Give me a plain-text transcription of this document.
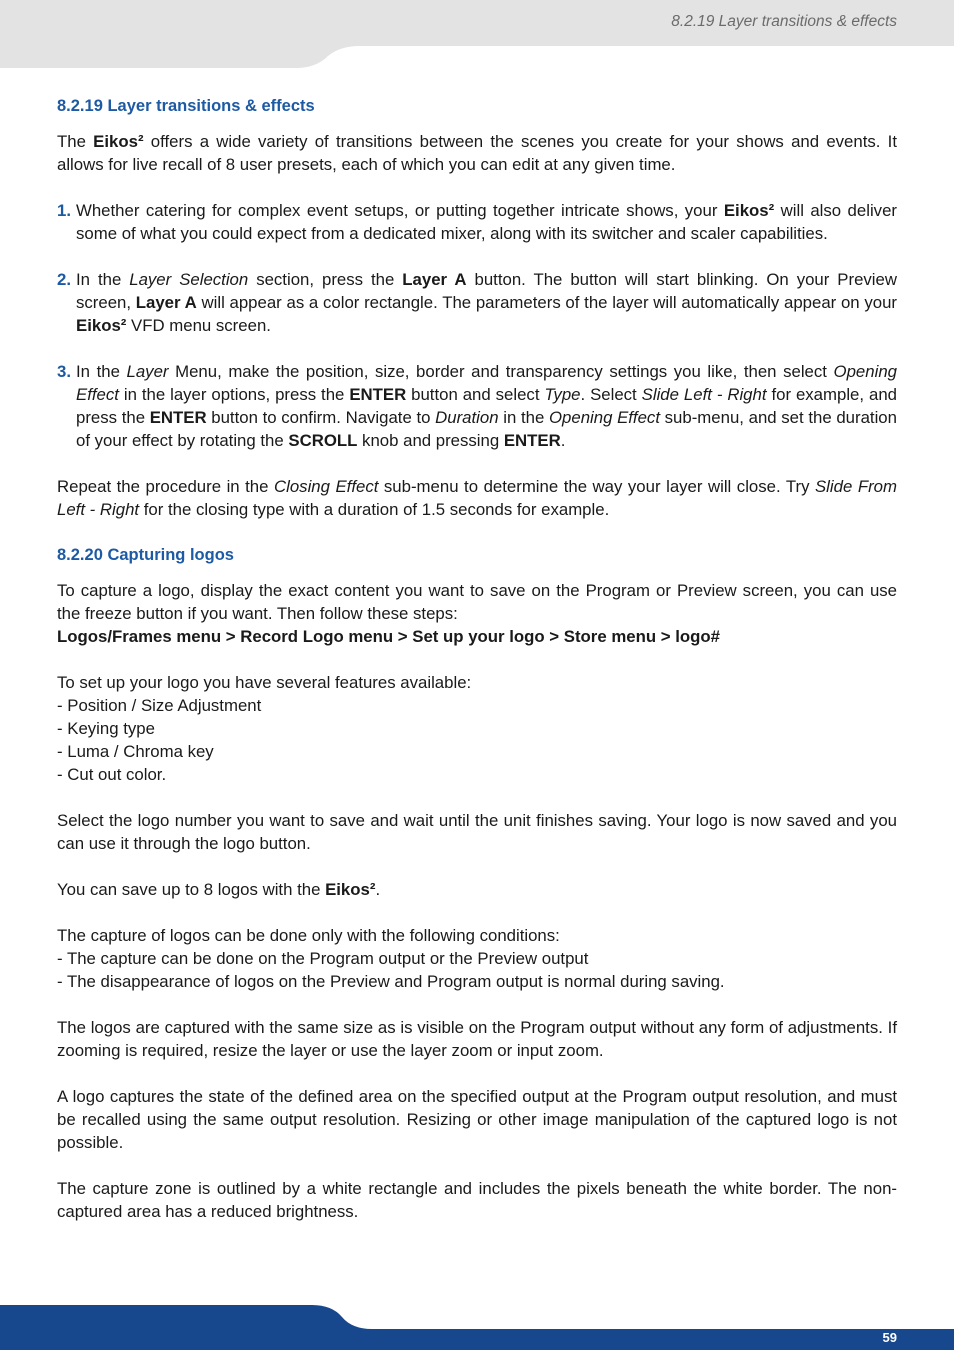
8.2.19 Layer transitions & effects
8.2.19 Layer transitions & effects

The Eikos² offers a wide variety of transitions between the scenes you create for your shows and events. It allows for live recall of 8 user presets, each of which you can edit at any given time.

1. Whether catering for complex event setups, or putting together intricate shows, your Eikos² will also deliver some of what you could expect from a dedicated mixer, along with its switcher and scaler capabilities.
2. In the Layer Selection section, press the Layer A button. The button will start blinking. On your Preview screen, Layer A will appear as a color rectangle. The parameters of the layer will automatically appear on your Eikos² VFD menu screen.
3. In the Layer Menu, make the position, size, border and transparency settings you like, then select Opening Effect in the layer options, press the ENTER button and select Type. Select Slide Left - Right for example, and press the ENTER button to confirm. Navigate to Duration in the Opening Effect sub-menu, and set the duration of your effect by rotating the SCROLL knob and pressing ENTER.

Repeat the procedure in the Closing Effect sub-menu to determine the way your layer will close. Try Slide From Left - Right for the closing type with a duration of 1.5 seconds for example.

8.2.20 Capturing logos

To capture a logo, display the exact content you want to save on the Program or Preview screen, you can use the freeze button if you want. Then follow these steps:

Logos/Frames menu > Record Logo menu > Set up your logo > Store menu > logo#

To set up your logo you have several features available:
- Position / Size Adjustment
- Keying type
- Luma / Chroma key
- Cut out color.

Select the logo number you want to save and wait until the unit finishes saving. Your logo is now saved and you can use it through the logo button.

You can save up to 8 logos with the Eikos².

The capture of logos can be done only with the following conditions:
- The capture can be done on the Program output or the Preview output
- The disappearance of logos on the Preview and Program output is normal during saving.

The logos are captured with the same size as is visible on the Program output without any form of adjustments. If zooming is required, resize the layer or use the layer zoom or input zoom.

A logo captures the state of the defined area on the specified output at the Program output resolution, and must be recalled using the same output resolution. Resizing or other image manipulation of the captured logo is not possible.

The capture zone is outlined by a white rectangle and includes the pixels beneath the white border. The non-captured area has a reduced brightness.

59
